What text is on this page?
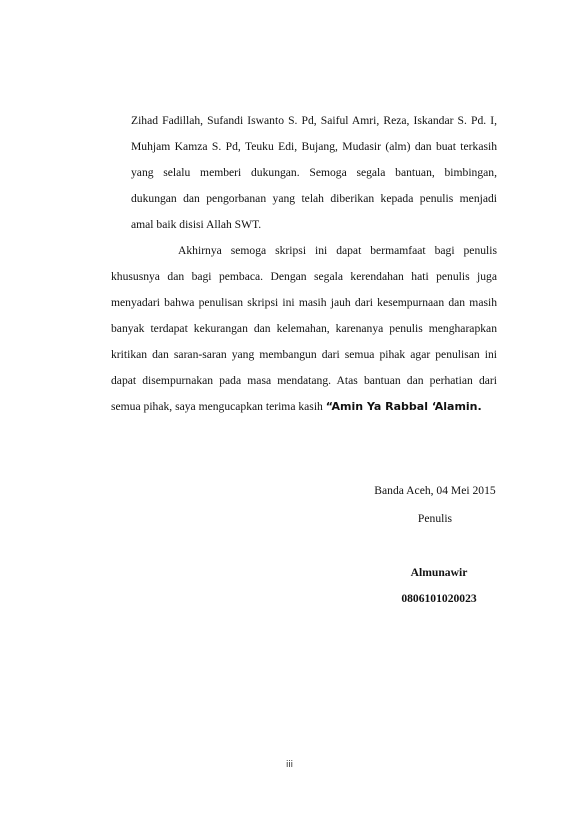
Zihad Fadillah, Sufandi Iswanto S. Pd, Saiful Amri, Reza, Iskandar S. Pd. I,
Muhjam Kamza S. Pd, Teuku Edi, Bujang, Mudasir (alm) dan buat terkasih
yang selalu memberi dukungan. Semoga segala bantuan, bimbingan,
dukungan dan pengorbanan yang telah diberikan kepada penulis menjadi
amal baik disisi Allah SWT.
Akhirnya semoga skripsi ini dapat bermamfaat bagi penulis
khususnya dan bagi pembaca. Dengan segala kerendahan hati penulis juga
menyadari bahwa penulisan skripsi ini masih jauh dari kesempurnaan dan masih
banyak terdapat kekurangan dan kelemahan, karenanya penulis mengharapkan
kritikan dan saran-saran yang membangun dari semua pihak agar penulisan ini
dapat disempurnakan pada masa mendatang. Atas bantuan dan perhatian dari
semua pihak, saya mengucapkan terima kasih “Amin Ya Rabbal ‘Alamin.
Banda Aceh, 04 Mei 2015
Penulis
Almunawir
0806101020023
iii
